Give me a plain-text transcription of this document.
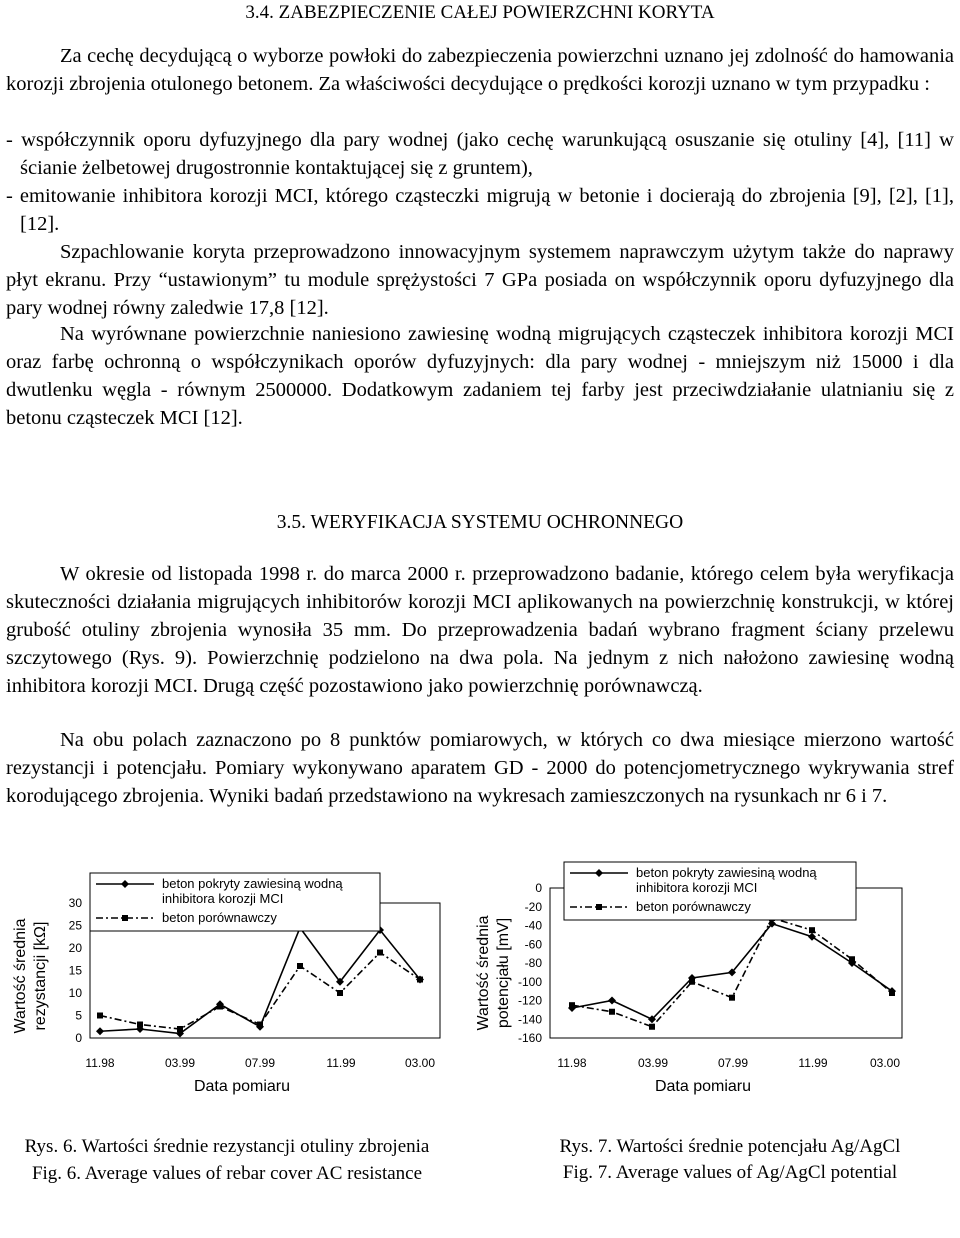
3.4. ZABEZPIECZENIE CAŁEJ POWIERZCHNI KORYTA

Za cechę decydującą o wyborze powłoki do zabezpieczenia powierzchni uznano jej zdolność do hamowania korozji zbrojenia otulonego betonem. Za właściwości decydujące o prędkości korozji uznano w tym przypadku :

- współczynnik oporu dyfuzyjnego dla pary wodnej (jako cechę warunkującą osuszanie się otuliny [4], [11] w ścianie żelbetowej drugostronnie kontaktującej się z gruntem),

- emitowanie inhibitora korozji MCI, którego cząsteczki migrują w betonie i docierają do zbrojenia [9], [2], [1], [12].

Szpachlowanie koryta przeprowadzono innowacyjnym systemem naprawczym użytym także do naprawy płyt ekranu. Przy “ustawionym” tu module sprężystości 7 GPa posiada on współczynnik oporu dyfuzyjnego dla pary wodnej równy zaledwie 17,8 [12].

Na wyrównane powierzchnie naniesiono zawiesinę wodną migrujących cząsteczek inhibitora korozji MCI oraz farbę ochronną o współczynikach oporów dyfuzyjnych: dla pary wodnej - mniejszym niż 15000 i dla dwutlenku węgla - równym 2500000. Dodatkowym zadaniem tej farby jest przeciwdziałanie ulatnianiu się z betonu cząsteczek MCI [12].

3.5. WERYFIKACJA SYSTEMU OCHRONNEGO

W okresie od listopada 1998 r. do marca 2000 r. przeprowadzono badanie, którego celem była weryfikacja skuteczności działania migrujących inhibitorów korozji MCI aplikowanych na powierzchnię konstrukcji, w której grubość otuliny zbrojenia wynosiła 35 mm. Do przeprowadzenia badań wybrano fragment ściany przelewu szczytowego (Rys. 9). Powierzchnię podzielono na dwa pola. Na jednym z nich nałożono zawiesinę wodną inhibitora korozji MCI. Drugą część pozostawiono jako powierzchnię porównawczą.

Na obu polach zaznaczono po 8 punktów pomiarowych, w których co dwa miesiące mierzono wartość rezystancji i potencjału. Pomiary wykonywano aparatem GD - 2000 do potencjometrycznego wykrywania stref korodującego zbrojenia. Wyniki badań przedstawiono na wykresach zamieszczonych na rysunkach nr 6 i 7.

0
5
10
15
20
25
30
11.98	03.99	07.99	11.99	03.00
Wartość średnia rezystancji [kΩ]
Data pomiaru
beton pokryty zawiesiną wodną
inhibitora korozji MCI
beton porównawczy
0
-20
-40
-60
-80
-100
-120
-140
-160
11.98	03.99	07.99	11.99	03.00
Wartość średnia potencjału [mV]
Data pomiaru
beton pokryty zawiesiną wodną
inhibitora korozji MCI
beton porównawczy
Rys. 6. Wartości średnie rezystancji otuliny zbrojenia
Fig. 6. Average values of rebar cover AC resistance
Rys. 7. Wartości średnie potencjału Ag/AgCl
Fig. 7. Average values of Ag/AgCl potential
